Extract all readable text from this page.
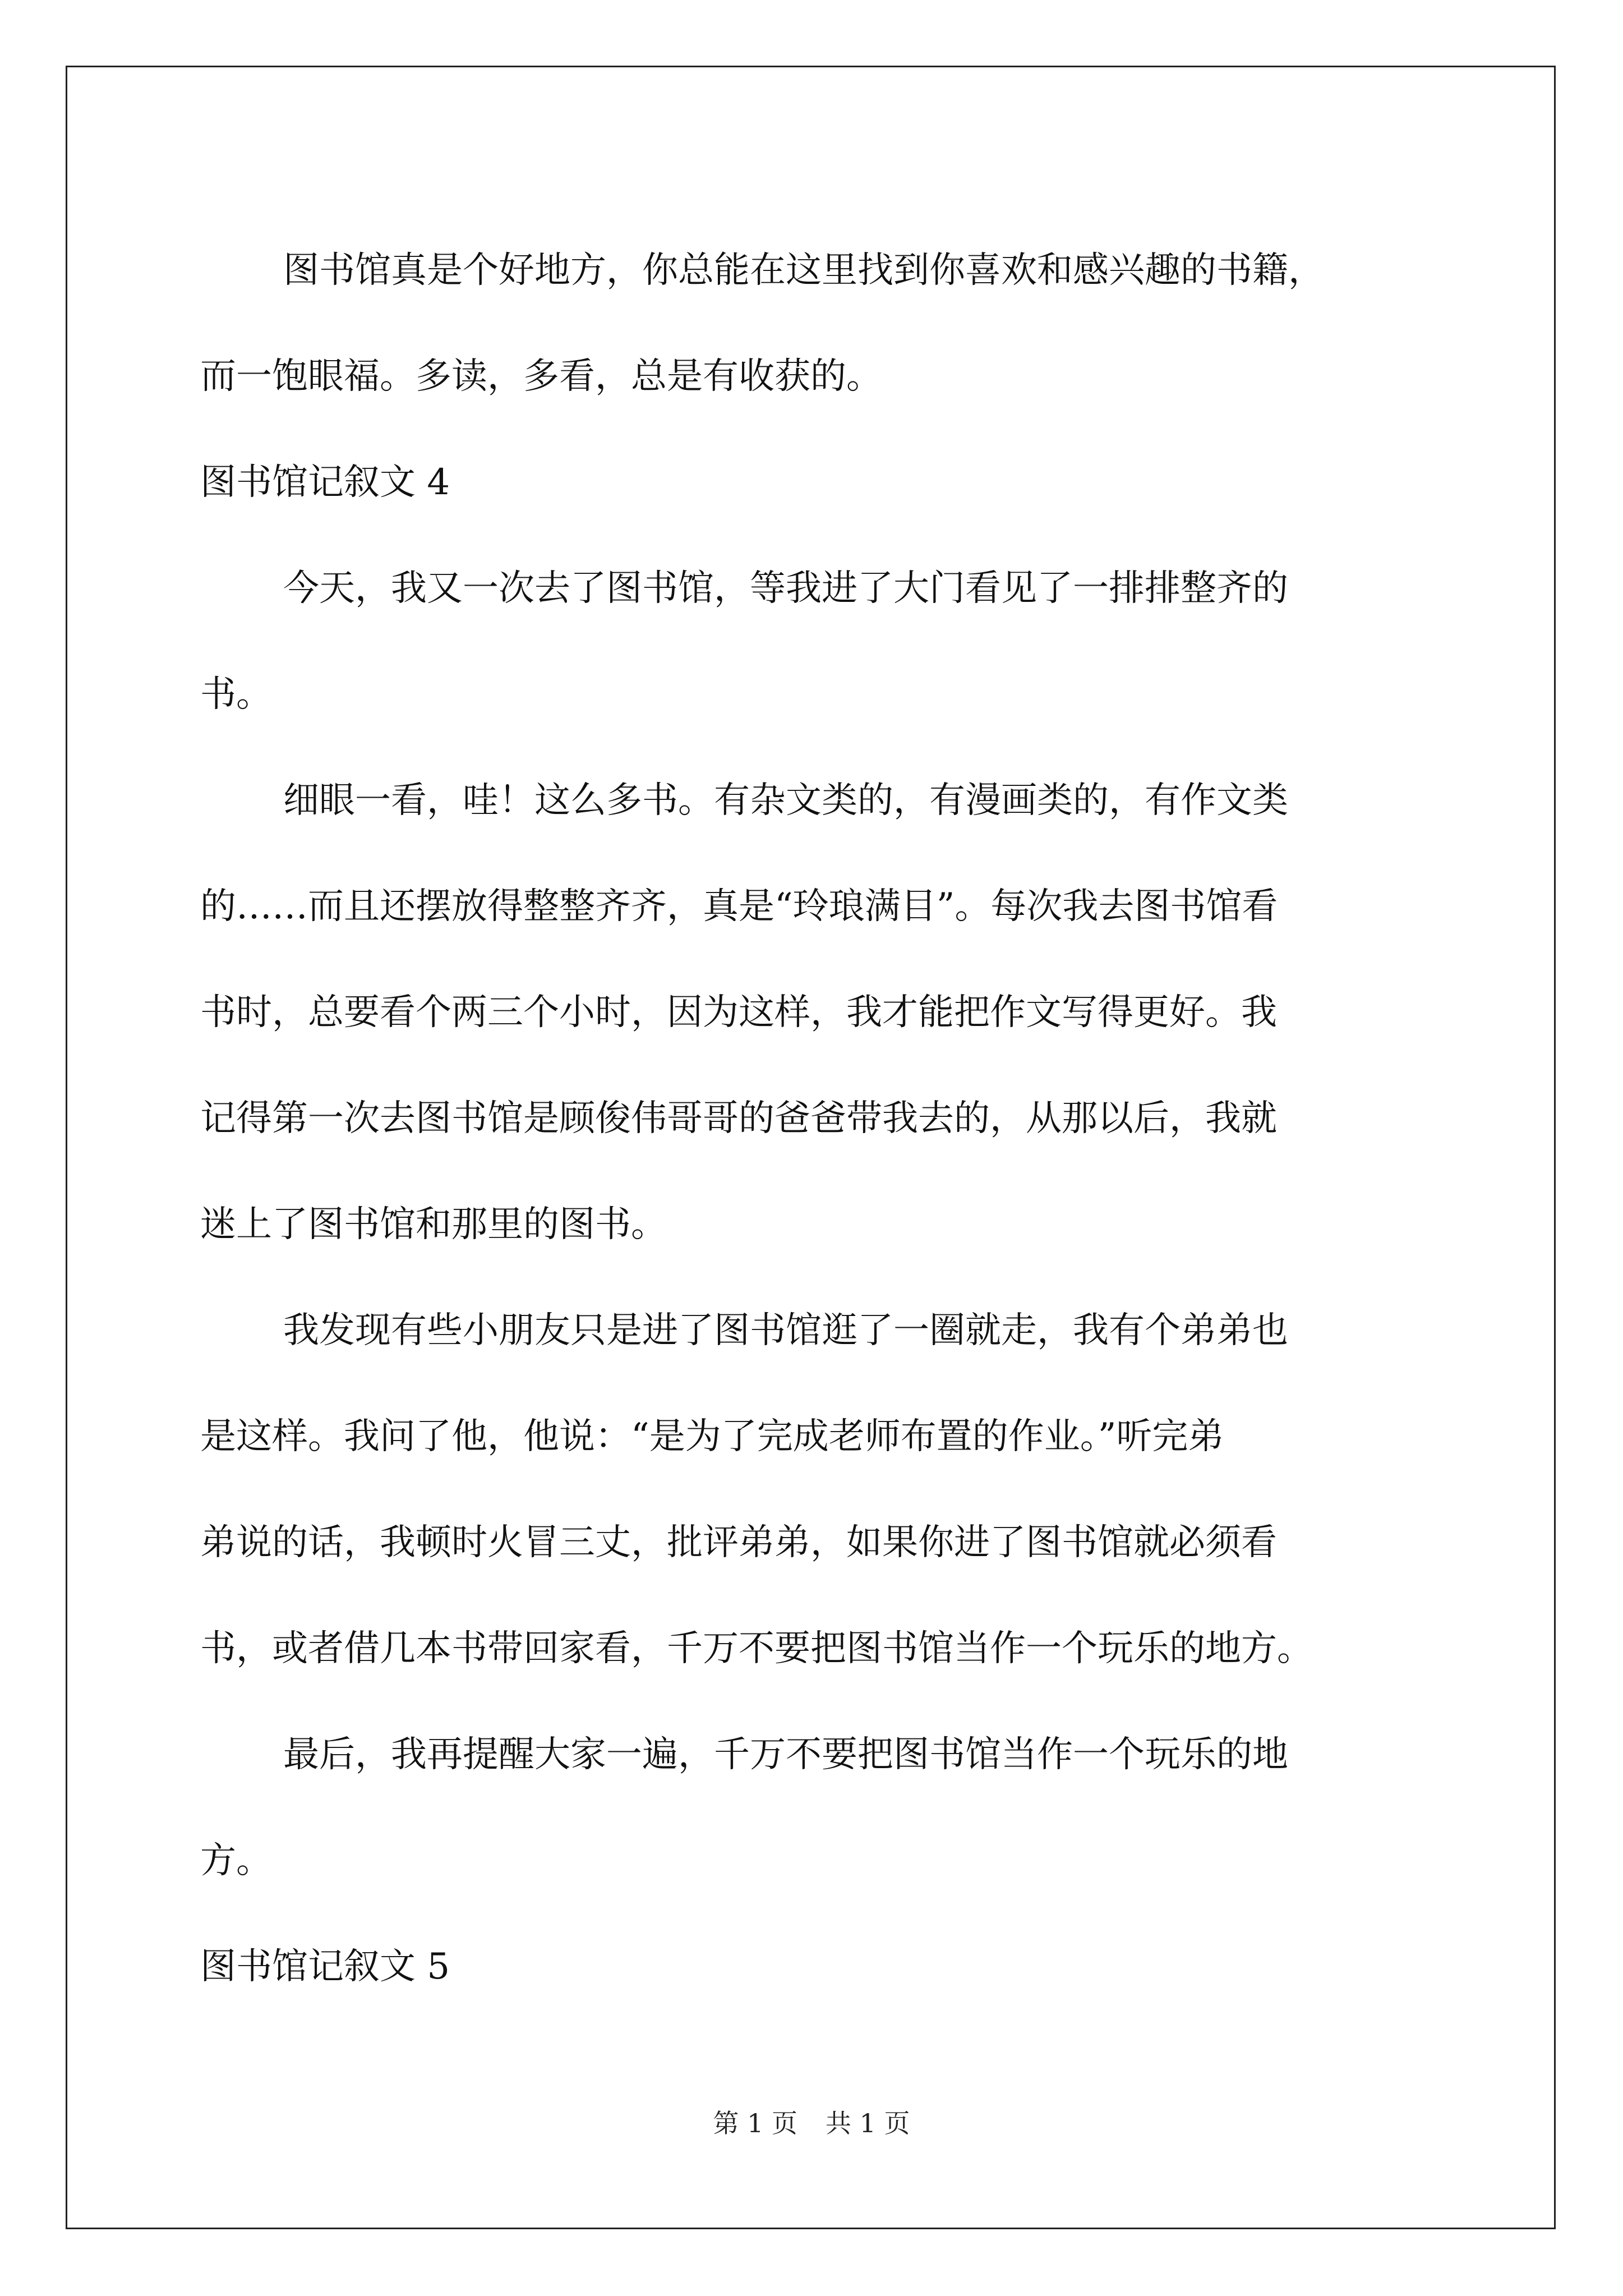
图书馆真是个好地方，你总能在这里找到你喜欢和感兴趣的书籍，
而一饱眼福。多读，多看，总是有收获的。
图书馆记叙文 4
今天，我又一次去了图书馆，等我进了大门看见了一排排整齐的
书。
细眼一看，哇！这么多书。有杂文类的，有漫画类的，有作文类
的……而且还摆放得整整齐齐，真是“玲琅满目”。每次我去图书馆看
书时，总要看个两三个小时，因为这样，我才能把作文写得更好。我
记得第一次去图书馆是顾俊伟哥哥的爸爸带我去的，从那以后，我就
迷上了图书馆和那里的图书。
我发现有些小朋友只是进了图书馆逛了一圈就走，我有个弟弟也
是这样。我问了他，他说：“是为了完成老师布置的作业。”听完弟
弟说的话，我顿时火冒三丈，批评弟弟，如果你进了图书馆就必须看
书，或者借几本书带回家看，千万不要把图书馆当作一个玩乐的地方。
最后，我再提醒大家一遍，千万不要把图书馆当作一个玩乐的地
方。
图书馆记叙文 5
第 1 页 共 1 页
